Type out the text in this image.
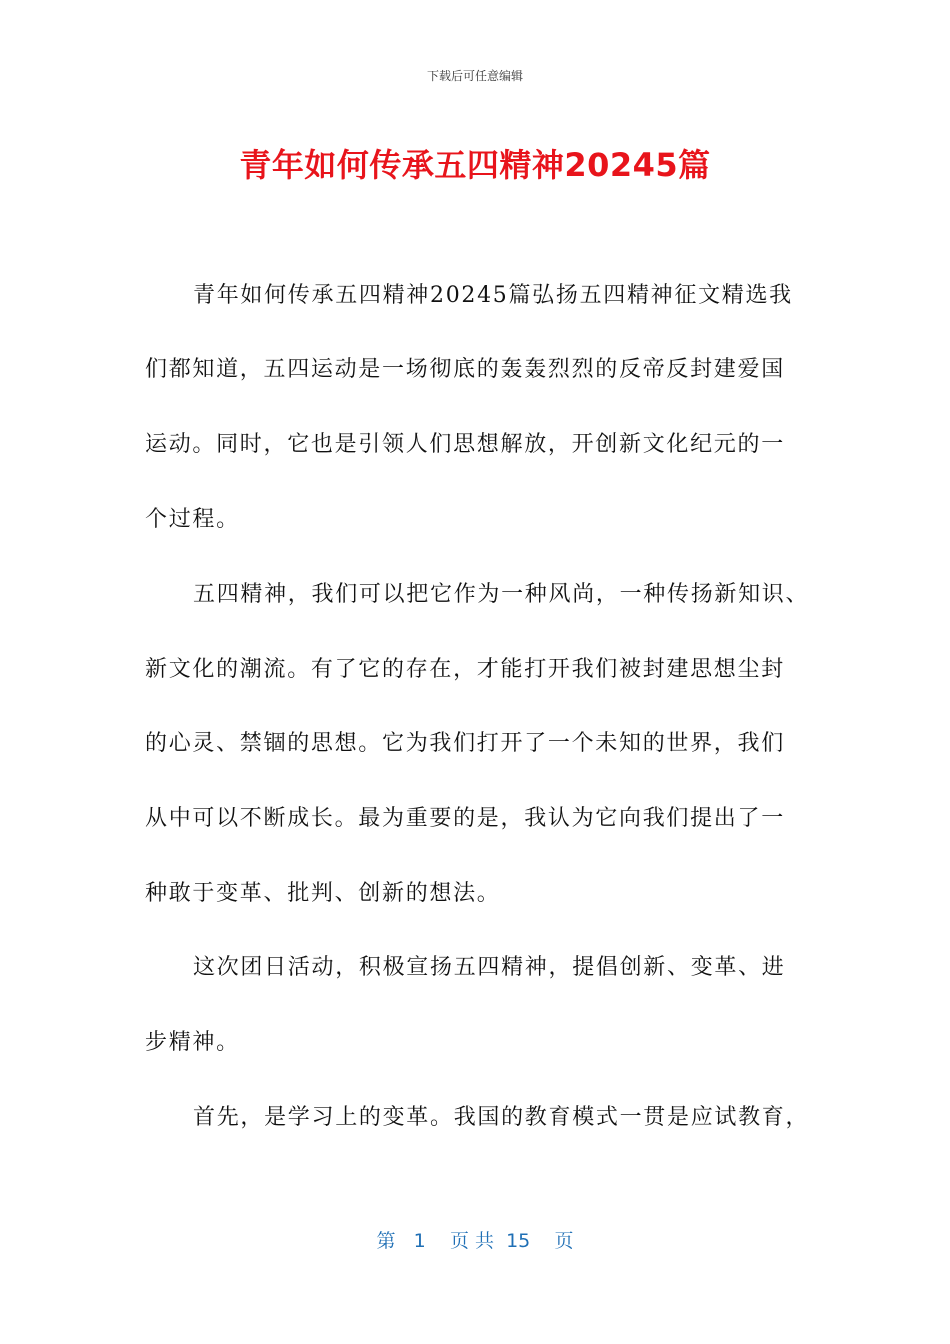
下载后可任意编辑
青年如何传承五四精神20245篇
青年如何传承五四精神20245篇弘扬五四精神征文精选我
们都知道，五四运动是一场彻底的轰轰烈烈的反帝反封建爱国
运动。同时，它也是引领人们思想解放，开创新文化纪元的一
个过程。
五四精神，我们可以把它作为一种风尚，一种传扬新知识、
新文化的潮流。有了它的存在，才能打开我们被封建思想尘封
的心灵、禁锢的思想。它为我们打开了一个未知的世界，我们
从中可以不断成长。最为重要的是，我认为它向我们提出了一
种敢于变革、批判、创新的想法。
这次团日活动，积极宣扬五四精神，提倡创新、变革、进
步精神。
首先，是学习上的变革。我国的教育模式一贯是应试教育，
第 1 页 共 15 页
